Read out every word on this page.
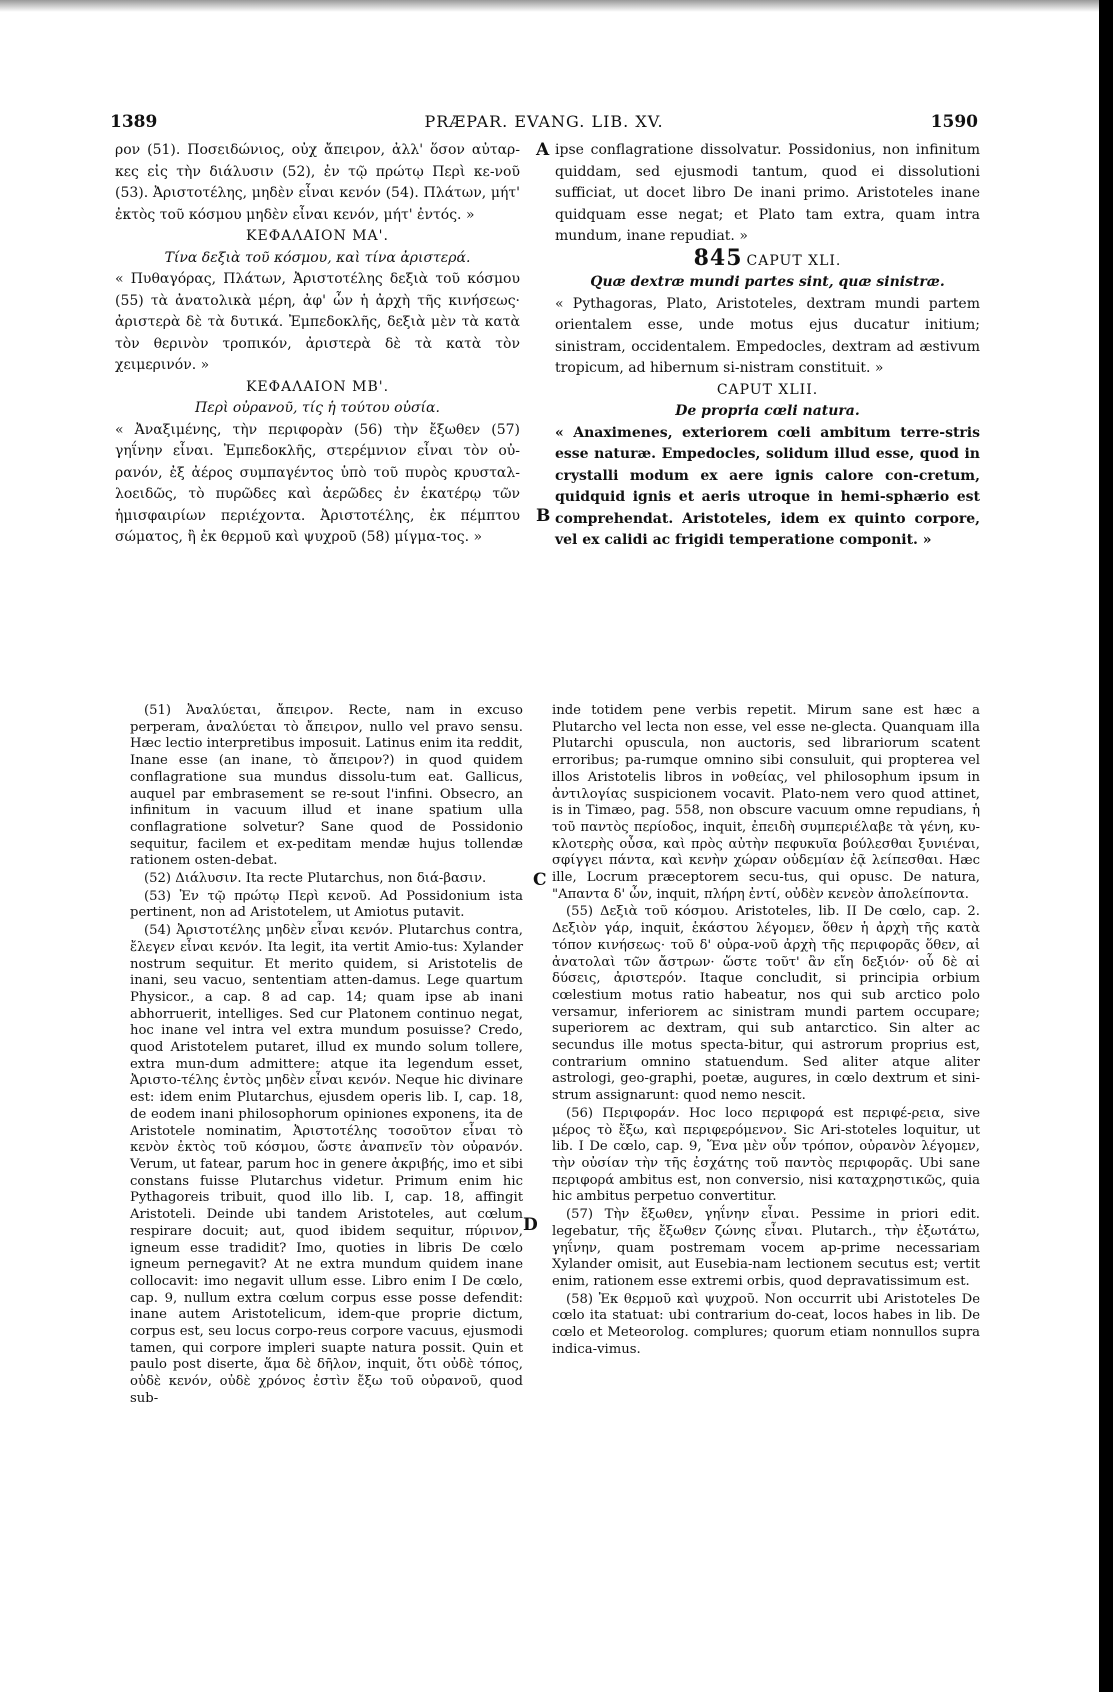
1389	PRÆPAR. EVANG. LIB. XV.	1590
A
B
C
D

ρον (51). Ποσειδώνιος, οὐχ ἄπειρον, ἀλλ' ὅσον αὐταρ-κες εἰς τὴν διάλυσιν (52), ἐν τῷ πρώτῳ Περὶ κε-νοῦ (53). Ἀριστοτέλης, μηδὲν εἶναι κενόν (54). Πλάτων, μήτ' ἐκτὸς τοῦ κόσμου μηδὲν εἶναι κενόν, μήτ' ἐντός. »

ΚΕΦΑΛΑΙΟΝ ΜΑ'.

Τίνα δεξιὰ τοῦ κόσμου, καὶ τίνα ἀριστερά.

« Πυθαγόρας, Πλάτων, Ἀριστοτέλης δεξιὰ τοῦ κόσμου (55) τὰ ἀνατολικὰ μέρη, ἀφ' ὧν ἡ ἀρχὴ τῆς κινήσεως· ἀριστερὰ δὲ τὰ δυτικά. Ἐμπεδοκλῆς, δεξιὰ μὲν τὰ κατὰ τὸν θερινὸν τροπικόν, ἀριστερὰ δὲ τὰ κατὰ τὸν χειμερινόν. »

ΚΕΦΑΛΑΙΟΝ ΜΒ'.

Περὶ οὐρανοῦ, τίς ἡ τούτου οὐσία.

« Ἀναξιμένης, τὴν περιφορὰν (56) τὴν ἔξωθεν (57) γηΐνην εἶναι. Ἐμπεδοκλῆς, στερέμνιον εἶναι τὸν οὐ-ρανόν, ἐξ ἀέρος συμπαγέντος ὑπὸ τοῦ πυρὸς κρυσταλ-λοειδῶς, τὸ πυρῶδες καὶ ἀερῶδες ἐν ἑκατέρῳ τῶν ἡμισφαιρίων περιέχοντα. Ἀριστοτέλης, ἐκ πέμπτου σώματος, ἢ ἐκ θερμοῦ καὶ ψυχροῦ (58) μίγμα-τος. »

ipse conflagratione dissolvatur. Possidonius, non infinitum quiddam, sed ejusmodi tantum, quod ei dissolutioni sufficiat, ut docet libro De inani primo. Aristoteles inane quidquam esse negat; et Plato tam extra, quam intra mundum, inane repudiat. »

845 CAPUT XLI.

Quæ dextræ mundi partes sint, quæ sinistræ.

« Pythagoras, Plato, Aristoteles, dextram mundi partem orientalem esse, unde motus ejus ducatur initium; sinistram, occidentalem. Empedocles, dextram ad æstivum tropicum, ad hibernum si-nistram constituit. »

CAPUT XLII.

De propria cœli natura.

« Anaximenes, exteriorem cœli ambitum terre-stris esse naturæ. Empedocles, solidum illud esse, quod in crystalli modum ex aere ignis calore con-cretum, quidquid ignis et aeris utroque in hemi-sphærio est comprehendat. Aristoteles, idem ex quinto corpore, vel ex calidi ac frigidi temperatione componit. »

(51) Ἀναλύεται, ἄπειρον. Recte, nam in excuso perperam, ἀναλύεται τὸ ἄπειρον, nullo vel pravo sensu. Hæc lectio interpretibus imposuit. Latinus enim ita reddit, Inane esse (an inane, τὸ ἄπειρον?) in quod quidem conflagratione sua mundus dissolu-tum eat. Gallicus, auquel par embrasement se re-sout l'infini. Obsecro, an infinitum in vacuum illud et inane spatium ulla conflagratione solvetur? Sane quod de Possidonio sequitur, facilem et ex-peditam mendæ hujus tollendæ rationem osten-debat.

(52) Διάλυσιν. Ita recte Plutarchus, non διά-βασιν.

(53) Ἐν τῷ πρώτῳ Περὶ κενοῦ. Ad Possidonium ista pertinent, non ad Aristotelem, ut Amiotus putavit.

(54) Ἀριστοτέλης μηδὲν εἶναι κενόν. Plutarchus contra, ἔλεγεν εἶναι κενόν. Ita legit, ita vertit Amio-tus: Xylander nostrum sequitur. Et merito quidem, si Aristotelis de inani, seu vacuo, sententiam atten-damus. Lege quartum Physicor., a cap. 8 ad cap. 14; quam ipse ab inani abhorruerit, intelliges. Sed cur Platonem continuo negat, hoc inane vel intra vel extra mundum posuisse? Credo, quod Aristotelem putaret, illud ex mundo solum tollere, extra mun-dum admittere: atque ita legendum esset, Ἀριστο-τέλης ἐντὸς μηδὲν εἶναι κενόν. Neque hic divinare est: idem enim Plutarchus, ejusdem operis lib. I, cap. 18, de eodem inani philosophorum opiniones exponens, ita de Aristotele nominatim, Ἀριστοτέλης τοσοῦτον εἶναι τὸ κενὸν ἐκτὸς τοῦ κόσμου, ὥστε ἀναπνεῖν τὸν οὐρανόν. Verum, ut fatear, parum hoc in genere ἀκριβής, imo et sibi constans fuisse Plutarchus videtur. Primum enim hic Pythagoreis tribuit, quod illo lib. I, cap. 18, affingit Aristoteli. Deinde ubi tandem Aristoteles, aut cœlum respirare docuit; aut, quod ibidem sequitur, πύρινον, igneum esse tradidit? Imo, quoties in libris De cœlo igneum pernegavit? At ne extra mundum quidem inane collocavit: imo negavit ullum esse. Libro enim I De cœlo, cap. 9, nullum extra cœlum corpus esse posse defendit: inane autem Aristotelicum, idem-que proprie dictum, corpus est, seu locus corpo-reus corpore vacuus, ejusmodi tamen, qui corpore impleri suapte natura possit. Quin et paulo post diserte, ἅμα δὲ δῆλον, inquit, ὅτι οὐδὲ τόπος, οὐδὲ κενόν, οὐδὲ χρόνος ἐστὶν ἔξω τοῦ οὐρανοῦ, quod sub-

inde totidem pene verbis repetit. Mirum sane est hæc a Plutarcho vel lecta non esse, vel esse ne-glecta. Quanquam illa Plutarchi opuscula, non auctoris, sed librariorum scatent erroribus; pa-rumque omnino sibi consuluit, qui propterea vel illos Aristotelis libros in νοθείας, vel philosophum ipsum in ἀντιλογίας suspicionem vocavit. Plato-nem vero quod attinet, is in Timæo, pag. 558, non obscure vacuum omne repudians, ἡ τοῦ παντὸς περίοδος, inquit, ἐπειδὴ συμπεριέλαβε τὰ γένη, κυ-κλοτερὴς οὖσα, καὶ πρὸς αὐτὴν πεφυκυῖα βούλεσθαι ξυνιέναι, σφίγγει πάντα, καὶ κενὴν χώραν οὐδεμίαν ἐᾷ λείπεσθαι. Hæc ille, Locrum præceptorem secu-tus, qui opusc. De natura, "Απαντα δ' ὦν, inquit, πλήρη ἐντί, οὐδὲν κενεὸν ἀπολείποντα.

(55) Δεξιὰ τοῦ κόσμου. Aristoteles, lib. II De cœlo, cap. 2. Δεξιὸν γάρ, inquit, ἑκάστου λέγομεν, ὅθεν ἡ ἀρχὴ τῆς κατὰ τόπον κινήσεως· τοῦ δ' οὐρα-νοῦ ἀρχὴ τῆς περιφορᾶς ὅθεν, αἱ ἀνατολαὶ τῶν ἄστρων· ὥστε τοῦτ' ἂν εἴη δεξιόν· οὗ δὲ αἱ δύσεις, ἀριστερόν. Itaque concludit, si principia orbium cœlestium motus ratio habeatur, nos qui sub arctico polo versamur, inferiorem ac sinistram mundi partem occupare; superiorem ac dextram, qui sub antarctico. Sin alter ac secundus ille motus specta-bitur, qui astrorum proprius est, contrarium omnino statuendum. Sed aliter atque aliter astrologi, geo-graphi, poetæ, augures, in cœlo dextrum et sini-strum assignarunt: quod nemo nescit.

(56) Περιφοράν. Hoc loco περιφορά est περιφέ-ρεια, sive μέρος τὸ ἔξω, καὶ περιφερόμενον. Sic Ari-stoteles loquitur, ut lib. I De cœlo, cap. 9, Ἕνα μὲν οὖν τρόπον, οὐρανὸν λέγομεν, τὴν οὐσίαν τὴν τῆς ἐσχάτης τοῦ παντὸς περιφορᾶς. Ubi sane περιφορά ambitus est, non conversio, nisi καταχρηστικῶς, quia hic ambitus perpetuo convertitur.

(57) Τὴν ἔξωθεν, γηΐνην εἶναι. Pessime in priori edit. legebatur, τῆς ἔξωθεν ζώνης εἶναι. Plutarch., τὴν ἐξωτάτω, γηΐνην, quam postremam vocem ap-prime necessariam Xylander omisit, aut Eusebia-nam lectionem secutus est; vertit enim, rationem esse extremi orbis, quod depravatissimum est.

(58) Ἐκ θερμοῦ καὶ ψυχροῦ. Non occurrit ubi Aristoteles De cœlo ita statuat: ubi contrarium do-ceat, locos habes in lib. De cœlo et Meteorolog. complures; quorum etiam nonnullos supra indica-vimus.
